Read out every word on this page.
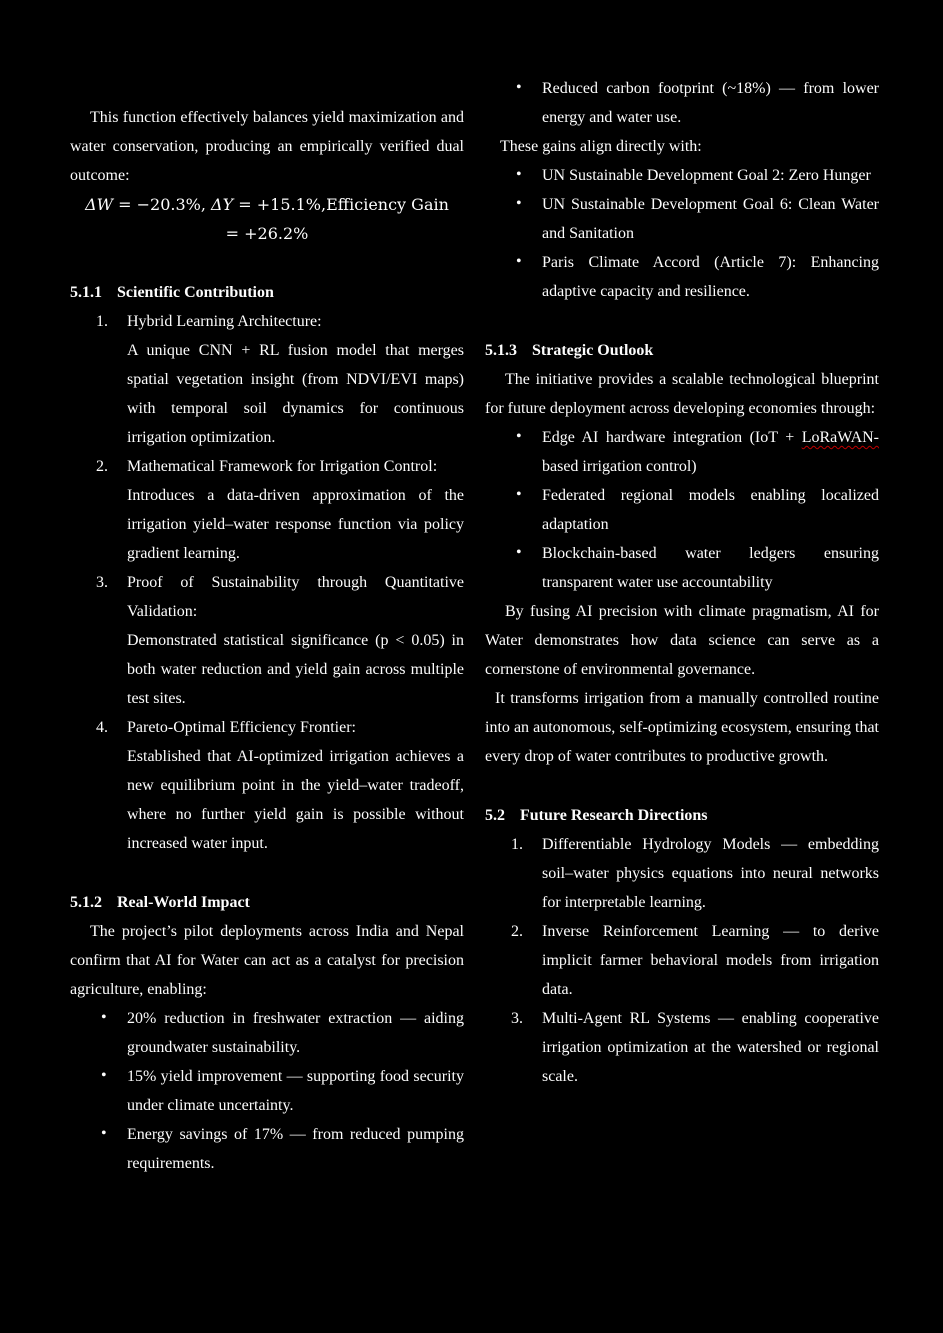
This function effectively balances yield maximization and water conservation, producing an empirically verified dual outcome:

ΔW = −20.3%, ΔY = +15.1%,Efficiency Gain
= +26.2%
5.1.1 Scientific Contribution
1. Hybrid Learning Architecture:
A unique CNN + RL fusion model that merges spatial vegetation insight (from NDVI/EVI maps) with temporal soil dynamics for continuous irrigation optimization.
2. Mathematical Framework for Irrigation Control:
Introduces a data-driven approximation of the irrigation yield–water response function via policy gradient learning.
3. Proof of Sustainability through Quantitative Validation:
Demonstrated statistical significance (p < 0.05) in both water reduction and yield gain across multiple test sites.
4. Pareto-Optimal Efficiency Frontier:
Established that AI-optimized irrigation achieves a new equilibrium point in the yield–water tradeoff, where no further yield gain is possible without increased water input.
5.1.2 Real-World Impact

The project’s pilot deployments across India and Nepal confirm that AI for Water can act as a catalyst for precision agriculture, enabling:

• 20% reduction in freshwater extraction — aiding groundwater sustainability.
• 15% yield improvement — supporting food security under climate uncertainty.
• Energy savings of 17% — from reduced pumping requirements.
• Reduced carbon footprint (~18%) — from lower energy and water use.

These gains align directly with:

• UN Sustainable Development Goal 2: Zero Hunger
• UN Sustainable Development Goal 6: Clean Water and Sanitation
• Paris Climate Accord (Article 7): Enhancing adaptive capacity and resilience.
5.1.3 Strategic Outlook

The initiative provides a scalable technological blueprint for future deployment across developing economies through:

• Edge AI hardware integration (IoT + LoRaWAN-based irrigation control)
• Federated regional models enabling localized adaptation
• Blockchain-based water ledgers ensuring transparent water use accountability

By fusing AI precision with climate pragmatism, AI for Water demonstrates how data science can serve as a cornerstone of environmental governance.

It transforms irrigation from a manually controlled routine into an autonomous, self-optimizing ecosystem, ensuring that every drop of water contributes to productive growth.

5.2 Future Research Directions
1. Differentiable Hydrology Models — embedding soil–water physics equations into neural networks for interpretable learning.
2. Inverse Reinforcement Learning — to derive implicit farmer behavioral models from irrigation data.
3. Multi-Agent RL Systems — enabling cooperative irrigation optimization at the watershed or regional scale.
